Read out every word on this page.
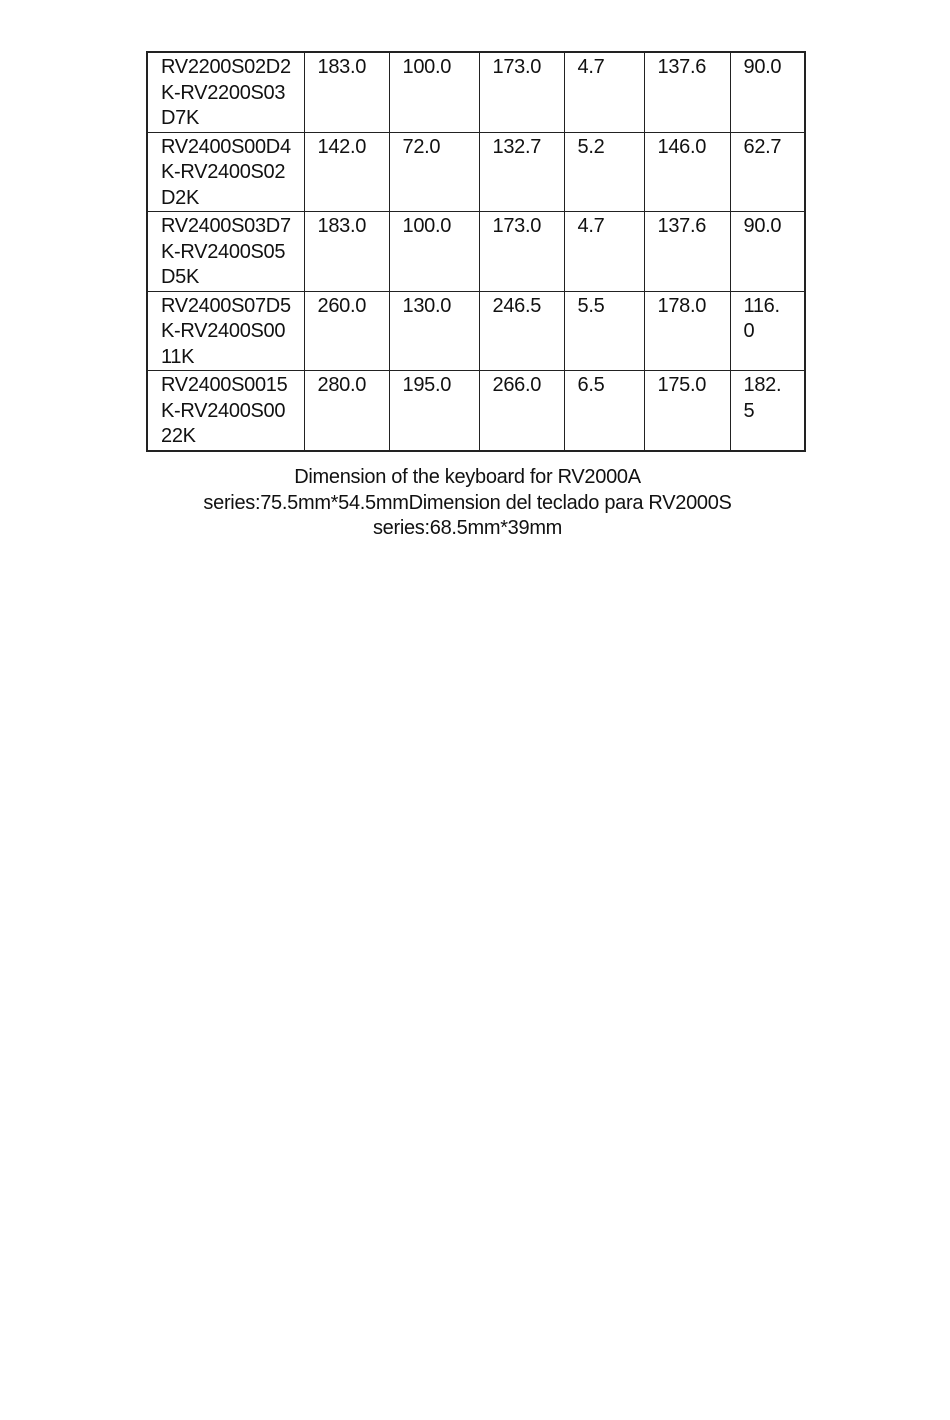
RV2200S02D2K-RV2200S03D7K	183.0	100.0	173.0	4.7	137.6	90.0

RV2400S00D4K-RV2400S02D2K	142.0	72.0	132.7	5.2	146.0	62.7

RV2400S03D7K-RV2400S05D5K	183.0	100.0	173.0	4.7	137.6	90.0

RV2400S07D5K-RV2400S0011K	260.0	130.0	246.5	5.5	178.0	116.0

RV2400S0015K-RV2400S0022K	280.0	195.0	266.0	6.5	175.0	182.5
Dimension of the keyboard for RV2000A
series:75.5mm*54.5mmDimension del teclado para RV2000S
series:68.5mm*39mm
